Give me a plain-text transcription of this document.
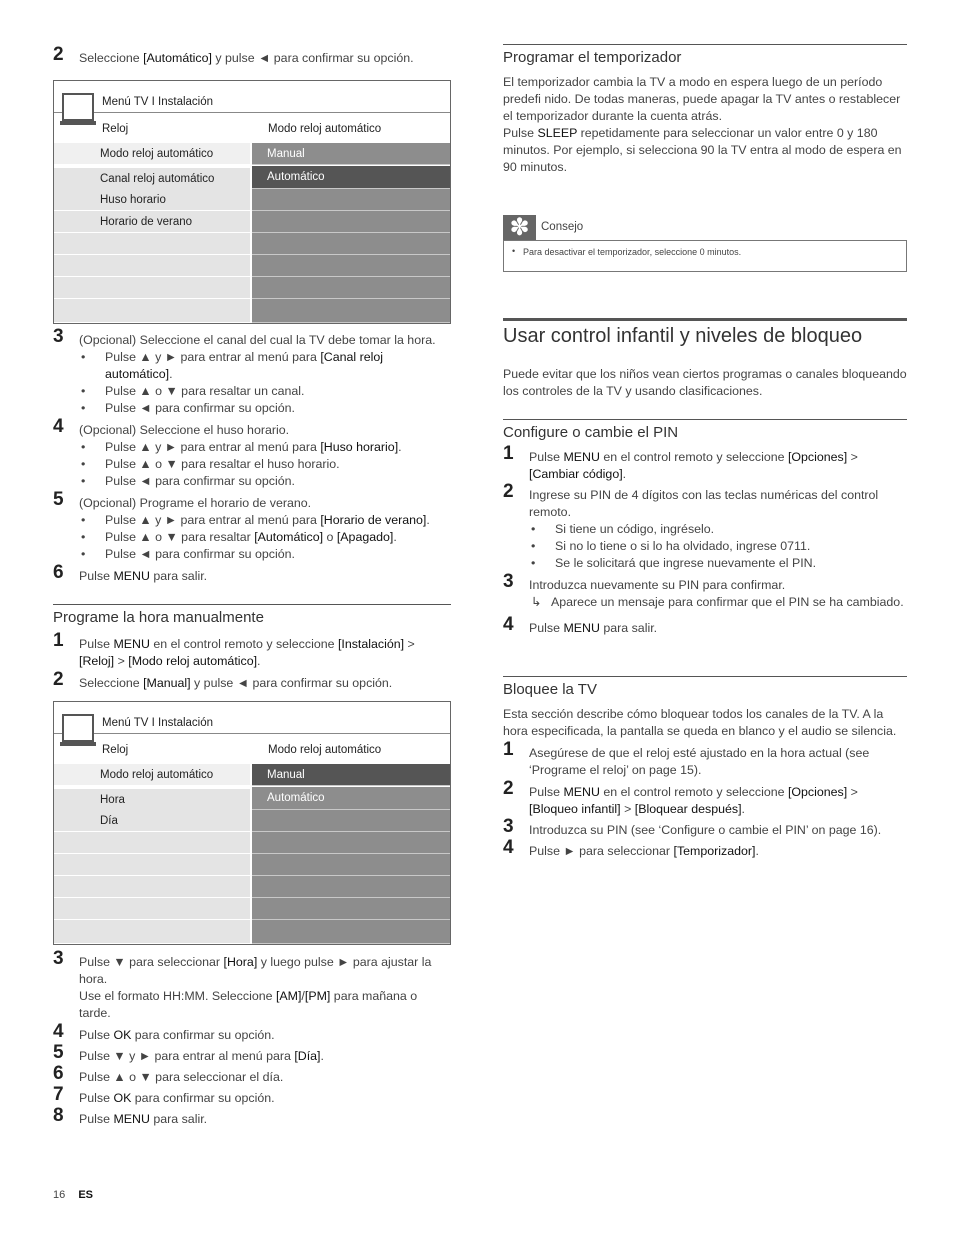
2 Seleccione [Automático] y pulse ◄ para confirmar su opción.
Menú TV I Instalación
Reloj	Modo reloj automático
Modo reloj automático
Canal reloj automático
Huso horario
Horario de verano
Manual
Automático
3 (Opcional) Seleccione el canal del cual la TV debe tomar la hora.
• Pulse ▲ y ► para entrar al menú para [Canal reloj automático].
• Pulse ▲ o ▼ para resaltar un canal.
• Pulse ◄ para confirmar su opción.
4 (Opcional) Seleccione el huso horario.
• Pulse ▲ y ► para entrar al menú para [Huso horario].
• Pulse ▲ o ▼ para resaltar el huso horario.
• Pulse ◄ para confirmar su opción.
5 (Opcional) Programe el horario de verano.
• Pulse ▲ y ► para entrar al menú para [Horario de verano].
• Pulse ▲ o ▼ para resaltar [Automático] o [Apagado].
• Pulse ◄ para confirmar su opción.
6 Pulse MENU para salir.
Programe la hora manualmente
1 Pulse MENU en el control remoto y seleccione [Instalación] > [Reloj] > [Modo reloj automático].
2 Seleccione [Manual] y pulse ◄ para confirmar su opción.
Menú TV I Instalación
Reloj	Modo reloj automático
Modo reloj automático
Hora
Día
Manual
Automático
3 Pulse ▼ para seleccionar [Hora] y luego pulse ► para ajustar la hora.
Use el formato HH:MM. Seleccione [AM]/[PM] para mañana o tarde.
4 Pulse OK para confirmar su opción.
5 Pulse ▼ y ► para entrar al menú para [Día].
6 Pulse ▲ o ▼ para seleccionar el día.
7 Pulse OK para confirmar su opción.
8 Pulse MENU para salir.
Programar el temporizador

El temporizador cambia la TV a modo en espera luego de un período predefi nido. De todas maneras, puede apagar la TV antes o restablecer el temporizador durante la cuenta atrás.

Pulse SLEEP repetidamente para seleccionar un valor entre 0 y 180 minutos. Por ejemplo, si selecciona 90 la TV entra al modo de espera en 90 minutos.

✽ Consejo
• Para desactivar el temporizador, seleccione 0 minutos.
Usar control infantil y niveles de bloqueo

Puede evitar que los niños vean ciertos programas o canales bloqueando los controles de la TV y usando clasificaciones.

Configure o cambie el PIN
1 Pulse MENU en el control remoto y seleccione [Opciones] > [Cambiar código].
2 Ingrese su PIN de 4 dígitos con las teclas numéricas del control remoto.
• Si tiene un código, ingréselo.
• Si no lo tiene o si lo ha olvidado, ingrese 0711.
• Se le solicitará que ingrese nuevamente el PIN.
3 Introduzca nuevamente su PIN para confirmar.
↳ Aparece un mensaje para confirmar que el PIN se ha cambiado.
4 Pulse MENU para salir.
Bloquee la TV

Esta sección describe cómo bloquear todos los canales de la TV. A la hora especificada, la pantalla se queda en blanco y el audio se silencia.

1 Asegúrese de que el reloj esté ajustado en la hora actual (see ‘Programe el reloj’ on page 15).
2 Pulse MENU en el control remoto y seleccione [Opciones] > [Bloqueo infantil] > [Bloquear después].
3 Introduzca su PIN (see ‘Configure o cambie el PIN’ on page 16).
4 Pulse ► para seleccionar [Temporizador].
16 ES
